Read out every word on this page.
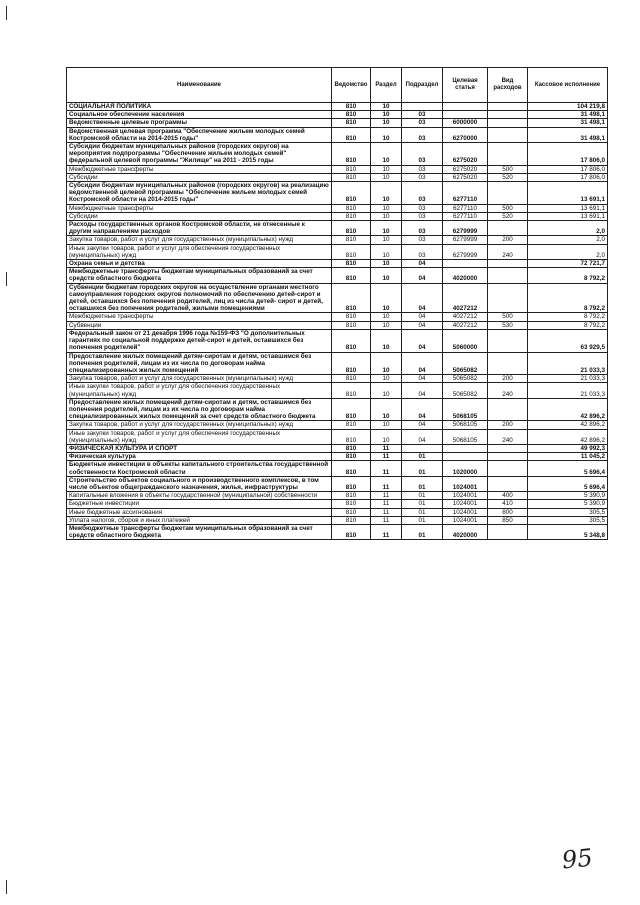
Наименование	Ведомство	Раздел	Подраздел	Целевая статья	Вид расходов	Кассовое исполнение
СОЦИАЛЬНАЯ ПОЛИТИКА	810	10				104 219,8
Социальное обеспечение населения	810	10	03			31 498,1
Ведомственные целевые программы	810	10	03	6000000		31 498,1
Ведомственная целевая программа "Обеспечение жильем молодых семей Костромской области на 2014-2015 годы"	810	10	03	6270000		31 498,1
Субсидии бюджетам муниципальных районов (городских округов) на мероприятия подпрограммы "Обеспечение жильем молодых семей" федеральной целевой программы "Жилище" на 2011 - 2015 годы	810	10	03	6275020		17 806,0
Межбюджетные трансферты	810	10	03	6275020	500	17 806,0
Субсидии	810	10	03	6275020	520	17 806,0
Субсидии бюджетам муниципальных районов (городских округов) на реализацию ведомственной целевой программы "Обеспечение жильем молодых семей Костромской области на 2014-2015 годы"	810	10	03	6277110		13 691,1
Межбюджетные трансферты	810	10	03	6277110	500	13 691,1
Субсидии	810	10	03	6277110	520	13 691,1
Расходы государственных органов Костромской области, не отнесенные к другим направлениям расходов	810	10	03	6279999		2,0
Закупка товаров, работ и услуг для государственных (муниципальных) нужд	810	10	03	6279999	200	2,0
Иные закупки товаров, работ и услуг для обеспечения государственных (муниципальных) нужд	810	10	03	6279999	240	2,0
Охрана семьи и детства	810	10	04			72 721,7
Межбюджетные трансферты бюджетам муниципальных образований за счет средств областного бюджета	810	10	04	4020000		8 792,2
Субвенции бюджетам городских округов на осуществление органами местного самоуправления городских округов полномочий по обеспечению детей-сирот и детей, оставшихся без попечения родителей, лиц из числа детей- сирот и детей, оставшихся без попечения родителей, жилыми помещениями	810	10	04	4027212		8 792,2
Межбюджетные трансферты	810	10	04	4027212	500	8 792,2
Субвенции	810	10	04	4027212	530	8 792,2
Федеральный закон от 21 декабря 1996 года №159-ФЗ "О дополнительных гарантиях по социальной поддержке детей-сирот и детей, оставшихся без попечения родителей"	810	10	04	5060000		63 929,5
Предоставление жилых помещений детям-сиротам и детям, оставшимся без попечения родителей, лицам из их числа по договорам найма специализированных жилых помещений	810	10	04	5065082		21 033,3
Закупка товаров, работ и услуг для государственных (муниципальных) нужд	810	10	04	5065082	200	21 033,3
Иные закупки товаров, работ и услуг для обеспечения государственных (муниципальных) нужд	810	10	04	5065082	240	21 033,3
Предоставление жилых помещений детям-сиротам и детям, оставшимся без попечения родителей, лицам из их числа по договорам найма специализированных жилых помещений за счет средств областного бюджета	810	10	04	5068105		42 896,2
Закупка товаров, работ и услуг для государственных (муниципальных) нужд	810	10	04	5068105	200	42 896,2
Иные закупки товаров, работ и услуг для обеспечения государственных (муниципальных) нужд	810	10	04	5068105	240	42 896,2
ФИЗИЧЕСКАЯ КУЛЬТУРА И СПОРТ	810	11				49 992,3
Физическая культура	810	11	01			11 045,2
Бюджетные инвестиции в объекты капитального строительства государственной собственности Костромской области	810	11	01	1020000		5 696,4
Строительство объектов социального и производственного комплексов, в том числе объектов общегражданского назначения, жилья, инфраструктуры	810	11	01	1024001		5 696,4
Капитальные вложения в объекты государственной (муниципальной) собственности	810	11	01	1024001	400	5 390,9
Бюджетные инвестиции	810	11	01	1024001	410	5 390,9
Иные бюджетные ассигнования	810	11	01	1024001	800	305,5
Уплата налогов, сборов и иных платежей	810	11	01	1024001	850	305,5
Межбюджетные трансферты бюджетам муниципальных образований за счет средств областного бюджета	810	11	01	4020000		5 348,8
95
